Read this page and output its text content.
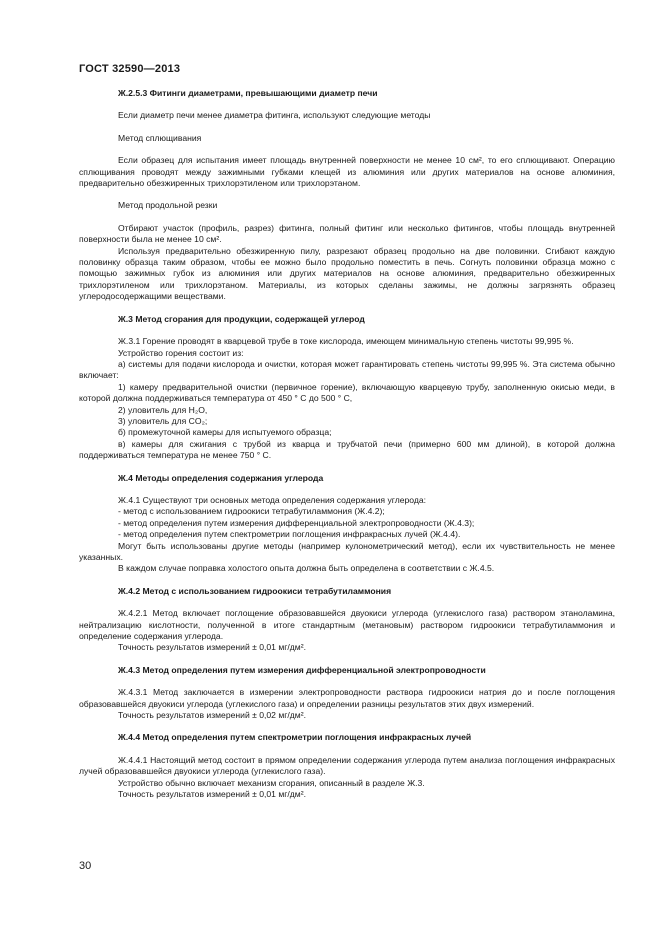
ГОСТ 32590—2013

Ж.2.5.3 Фитинги диаметрами, превышающими диаметр печи

Если диаметр печи менее диаметра фитинга, используют следующие методы

Метод сплющивания

Если образец для испытания имеет площадь внутренней поверхности не менее 10 см², то его сплющивают. Операцию сплющивания проводят между зажимными губками клещей из алюминия или других материалов на основе алюминия, предварительно обезжиренных трихлорэтиленом или трихлорэтаном.

Метод продольной резки

Отбирают участок (профиль, разрез) фитинга, полный фитинг или несколько фитингов, чтобы площадь внутренней поверхности была не менее 10 см².

Используя предварительно обезжиренную пилу, разрезают образец продольно на две половинки. Сгибают каждую половинку образца таким образом, чтобы ее можно было продольно поместить в печь. Согнуть половинки образца можно с помощью зажимных губок из алюминия или других материалов на основе алюминия, предварительно обезжиренных трихлорэтиленом или трихлорэтаном. Материалы, из которых сделаны зажимы, не должны загрязнять образец углеродосодержащими веществами.

Ж.3 Метод сгорания для продукции, содержащей углерод

Ж.3.1 Горение проводят в кварцевой трубе в токе кислорода, имеющем минимальную степень чистоты 99,995 %.

Устройство горения состоит из:

а) системы для подачи кислорода и очистки, которая может гарантировать степень чистоты 99,995 %. Эта система обычно включает:

1) камеру предварительной очистки (первичное горение), включающую кварцевую трубу, заполненную окисью меди, в которой должна поддерживаться температура от 450 ° С до 500 ° С,

2) уловитель для H₂O,

3) уловитель для CO₂;

б) промежуточной камеры для испытуемого образца;

в) камеры для сжигания с трубой из кварца и трубчатой печи (примерно 600 мм длиной), в которой должна поддерживаться температура не менее 750 ° С.

Ж.4 Методы определения содержания углерода

Ж.4.1 Существуют три основных метода определения содержания углерода:

- метод с использованием гидроокиси тетрабутиламмония (Ж.4.2);

- метод определения путем измерения дифференциальной электропроводности (Ж.4.3);

- метод определения путем спектрометрии поглощения инфракрасных лучей (Ж.4.4).

Могут быть использованы другие методы (например кулонометрический метод), если их чувствительность не менее указанных.

В каждом случае поправка холостого опыта должна быть определена в соответствии с Ж.4.5.

Ж.4.2 Метод с использованием гидроокиси тетрабутиламмония

Ж.4.2.1 Метод включает поглощение образовавшейся двуокиси углерода (углекислого газа) раствором этаноламина, нейтрализацию кислотности, полученной в итоге стандартным (метановым) раствором гидроокиси тетрабутиламмония и определение содержания углерода.

Точность результатов измерений ± 0,01 мг/дм².

Ж.4.3 Метод определения путем измерения дифференциальной электропроводности

Ж.4.3.1 Метод заключается в измерении электропроводности раствора гидроокиси натрия до и после поглощения образовавшейся двуокиси углерода (углекислого газа) и определении разницы результатов этих двух измерений.

Точность результатов измерений ± 0,02 мг/дм².

Ж.4.4 Метод определения путем спектрометрии поглощения инфракрасных лучей

Ж.4.4.1 Настоящий метод состоит в прямом определении содержания углерода путем анализа поглощения инфракрасных лучей образовавшейся двуокиси углерода (углекислого газа).

Устройство обычно включает механизм сгорания, описанный в разделе Ж.3.

Точность результатов измерений ± 0,01 мг/дм².

30
